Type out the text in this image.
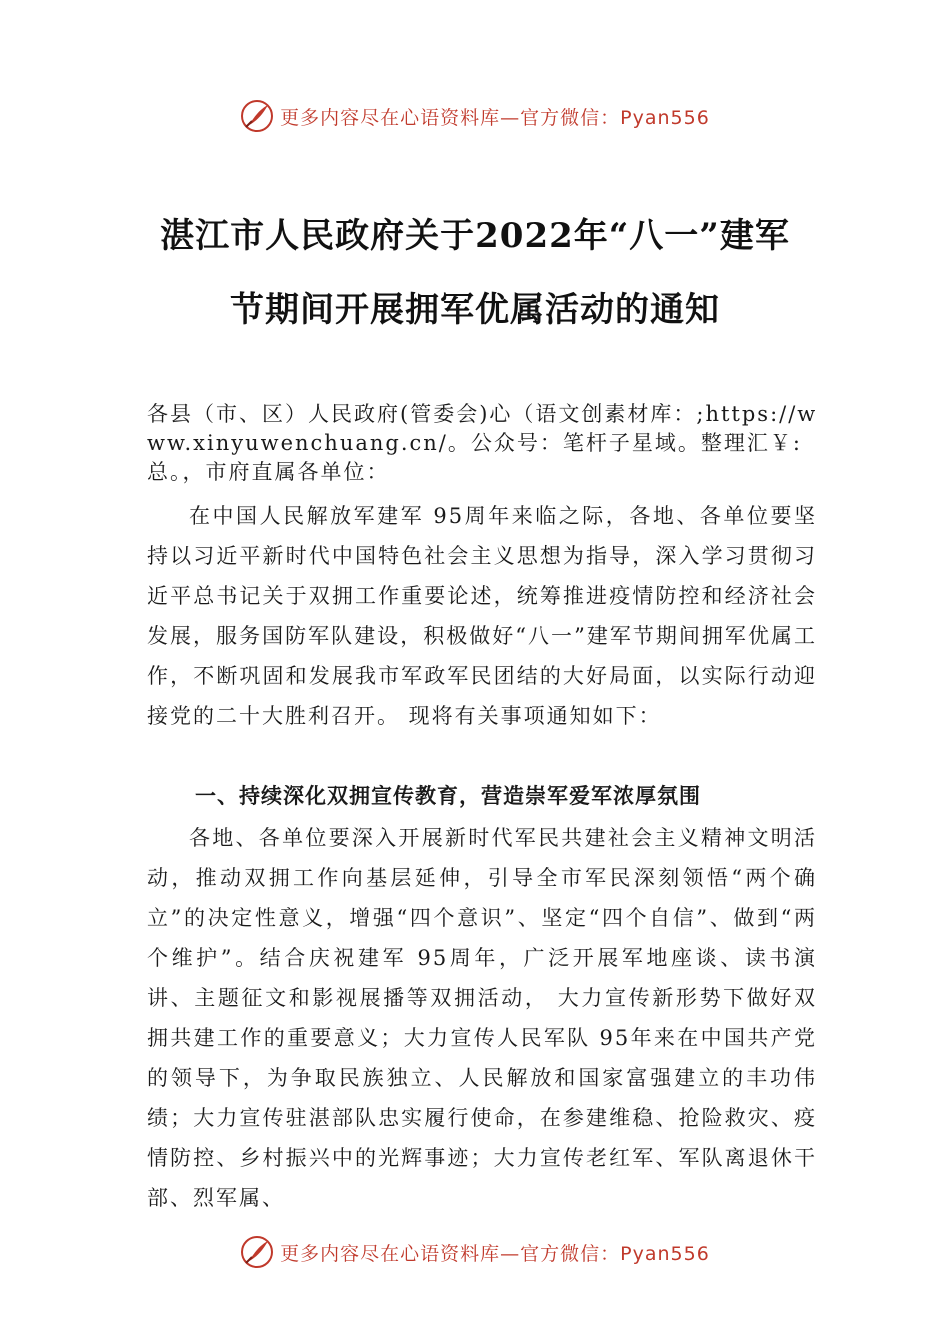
更多内容尽在心语资料库—官方微信：Pyan556
湛江市人民政府关于2022年“八一”建军
节期间开展拥军优属活动的通知
各县（市、区）人民政府(管委会)心（语文创素材库：;https://www.xinyuwenchuang.cn/。公众号：笔杆子星域。整理汇￥:总。，市府直属各单位：
在中国人民解放军建军 95周年来临之际，各地、各单位要坚持以习近平新时代中国特色社会主义思想为指导，深入学习贯彻习近平总书记关于双拥工作重要论述，统筹推进疫情防控和经济社会发展，服务国防军队建设，积极做好“八一”建军节期间拥军优属工作，不断巩固和发展我市军政军民团结的大好局面，以实际行动迎接党的二十大胜利召开。 现将有关事项通知如下：
一、持续深化双拥宣传教育，营造崇军爱军浓厚氛围
各地、各单位要深入开展新时代军民共建社会主义精神文明活动，推动双拥工作向基层延伸，引导全市军民深刻领悟“两个确立”的决定性意义，增强“四个意识”、坚定“四个自信”、做到“两个维护”。结合庆祝建军 95周年，广泛开展军地座谈、读书演讲、主题征文和影视展播等双拥活动， 大力宣传新形势下做好双拥共建工作的重要意义；大力宣传人民军队 95年来在中国共产党的领导下，为争取民族独立、人民解放和国家富强建立的丰功伟绩；大力宣传驻湛部队忠实履行使命，在参建维稳、抢险救灾、疫情防控、乡村振兴中的光辉事迹；大力宣传老红军、军队离退休干部、烈军属、
更多内容尽在心语资料库—官方微信：Pyan556
